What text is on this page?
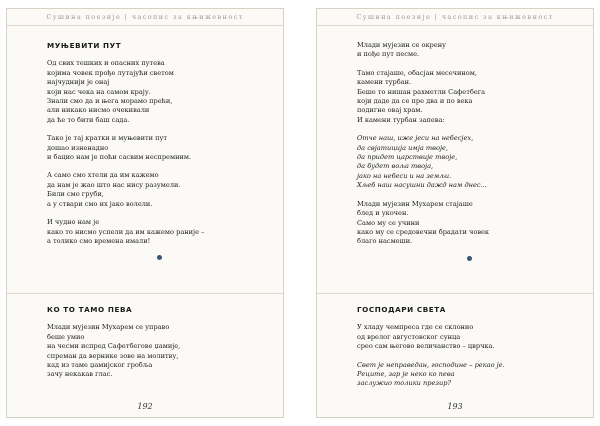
Сушина поезије | часопис за књижевност
МУЊЕВИТИ ПУТ
Од свих тешких и опасних путева
којима човек прође лутајући светом
најчуднији је онај
који нас чека на самом крају.
Знали смо да и њега морамо прећи,
али никако нисмо очекивали
да ће то бити баш сада.
Тако је тај кратки и муњевити пут
дошао изненадно
и бацио нам је поћи сасвим неспремним.
А само смо хтели да им кажемо
да нам је жао што нас нису разумели.
Били смо груби,
а у ствари смо их јако волели.
И чудно нам је
како то нисмо успели да им кажемо раније –
а толико смо времена имали!
КО ТО ТАМО ПЕВА
Млади мујезин Мухарем се управо
беше умио
на чесми испред Сафетбегове џамије,
спреман да вернике зове на молитву,
кад из таме џамијског гробља
зачу некакав глас.
192
Сушина поезије | часопис за књижевност
Млади мујезин се окрену
и пође пут песме.
Тамо стајаше, обасјан месечином,
камени турбан.
Беше то нишан рахметли Сафетбега
који даде да се пре два и по века
подигне овај храм.
И камени турбан запева:
Отче наш, иже јеси на небесјех,
да свјатиција имја твоје,
да придет царствије твоје,
да будет воља твоја,
јако на небеси и на земљи.
Хљеб наш насушни дажд нам днес...
Млади мујезин Мухарем стајаше
блед и укочен.
Само му се учини
како му се средовечни брадати човек
благо насмеши.
ГОСПОДАРИ СВЕТА
У хладу чемпреса где се склонио
од врелог августовског сунца
срео сам његово величанство – цврчка.
Свет је неправедан, господине – рекао је.
Реците, зар је неко ко пева
заслужио толики презир?
193
